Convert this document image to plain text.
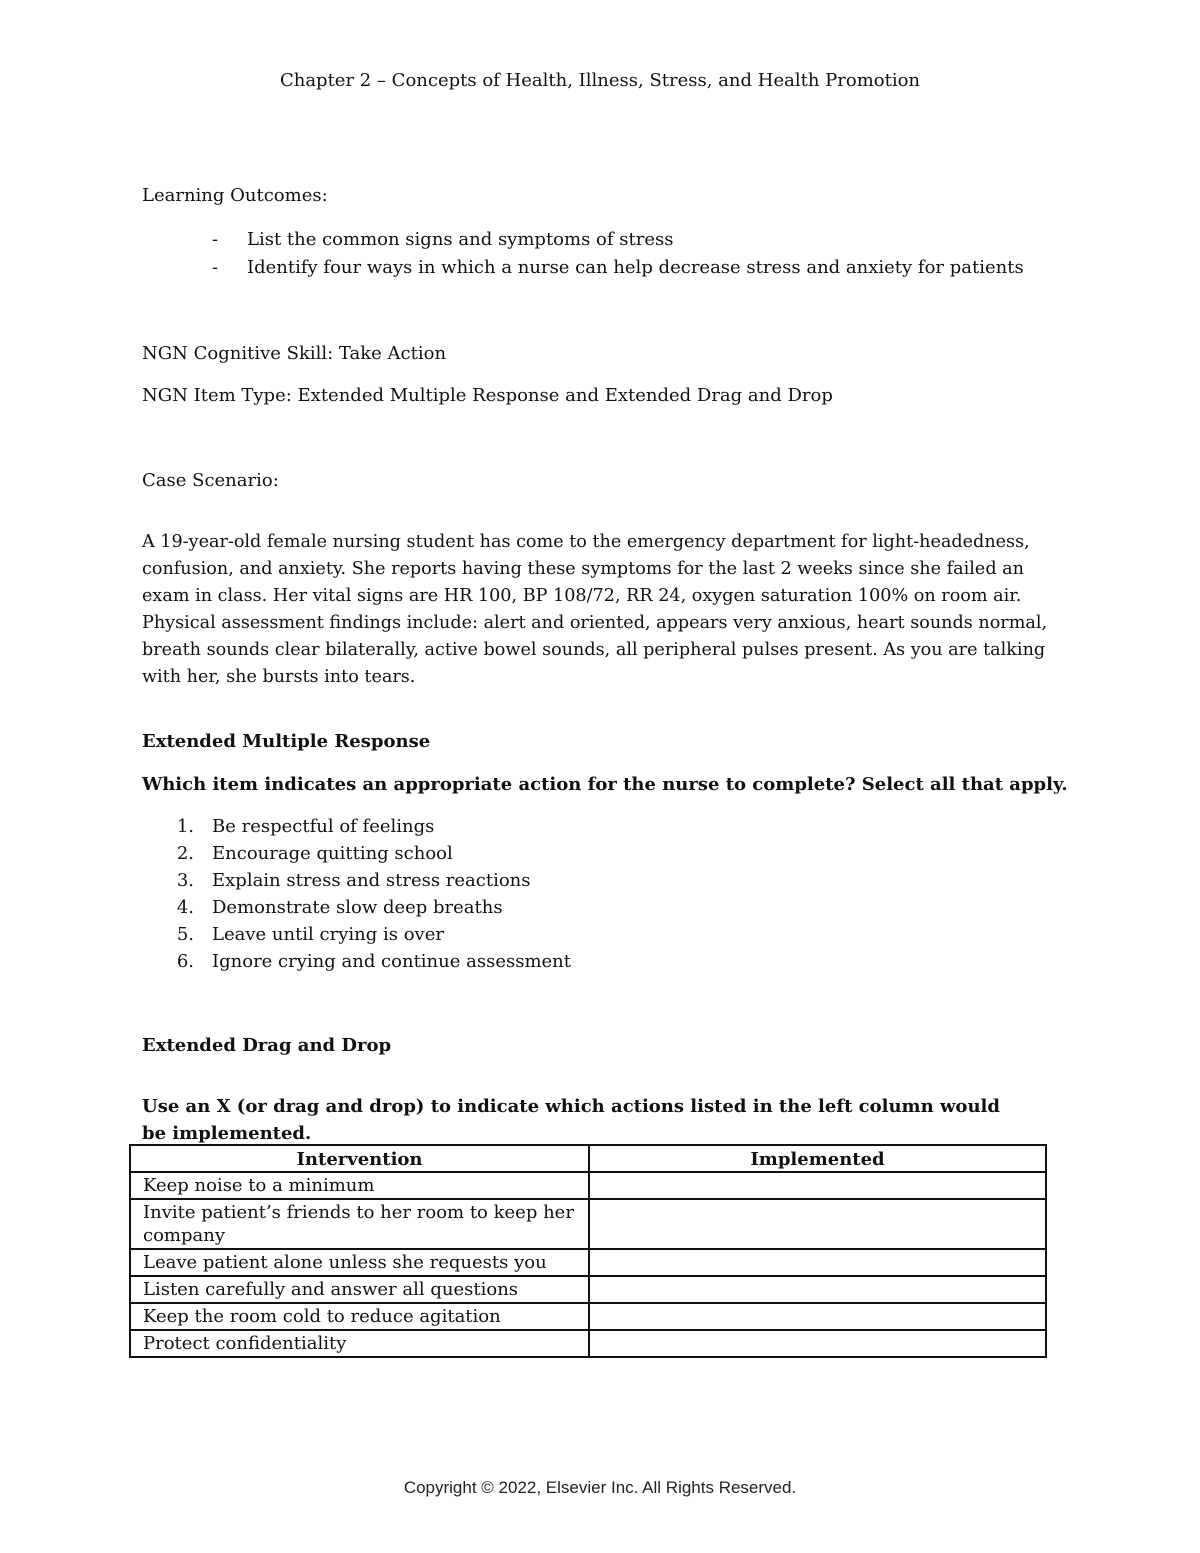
Chapter 2 – Concepts of Health, Illness, Stress, and Health Promotion

Learning Outcomes:

- List the common signs and symptoms of stress
- Identify four ways in which a nurse can help decrease stress and anxiety for patients

NGN Cognitive Skill: Take Action

NGN Item Type: Extended Multiple Response and Extended Drag and Drop

Case Scenario:

A 19-year-old female nursing student has come to the emergency department for light-headedness, confusion, and anxiety. She reports having these symptoms for the last 2 weeks since she failed an exam in class. Her vital signs are HR 100, BP 108/72, RR 24, oxygen saturation 100% on room air. Physical assessment findings include: alert and oriented, appears very anxious, heart sounds normal, breath sounds clear bilaterally, active bowel sounds, all peripheral pulses present. As you are talking with her, she bursts into tears.

Extended Multiple Response

Which item indicates an appropriate action for the nurse to complete? Select all that apply.

1. Be respectful of feelings
2. Encourage quitting school
3. Explain stress and stress reactions
4. Demonstrate slow deep breaths
5. Leave until crying is over
6. Ignore crying and continue assessment

Extended Drag and Drop

Use an X (or drag and drop) to indicate which actions listed in the left column would be implemented.

Intervention	Implemented
Keep noise to a minimum	
Invite patient’s friends to her room to keep her company	
Leave patient alone unless she requests you	
Listen carefully and answer all questions	
Keep the room cold to reduce agitation	
Protect confidentiality	

Copyright © 2022, Elsevier Inc. All Rights Reserved.
